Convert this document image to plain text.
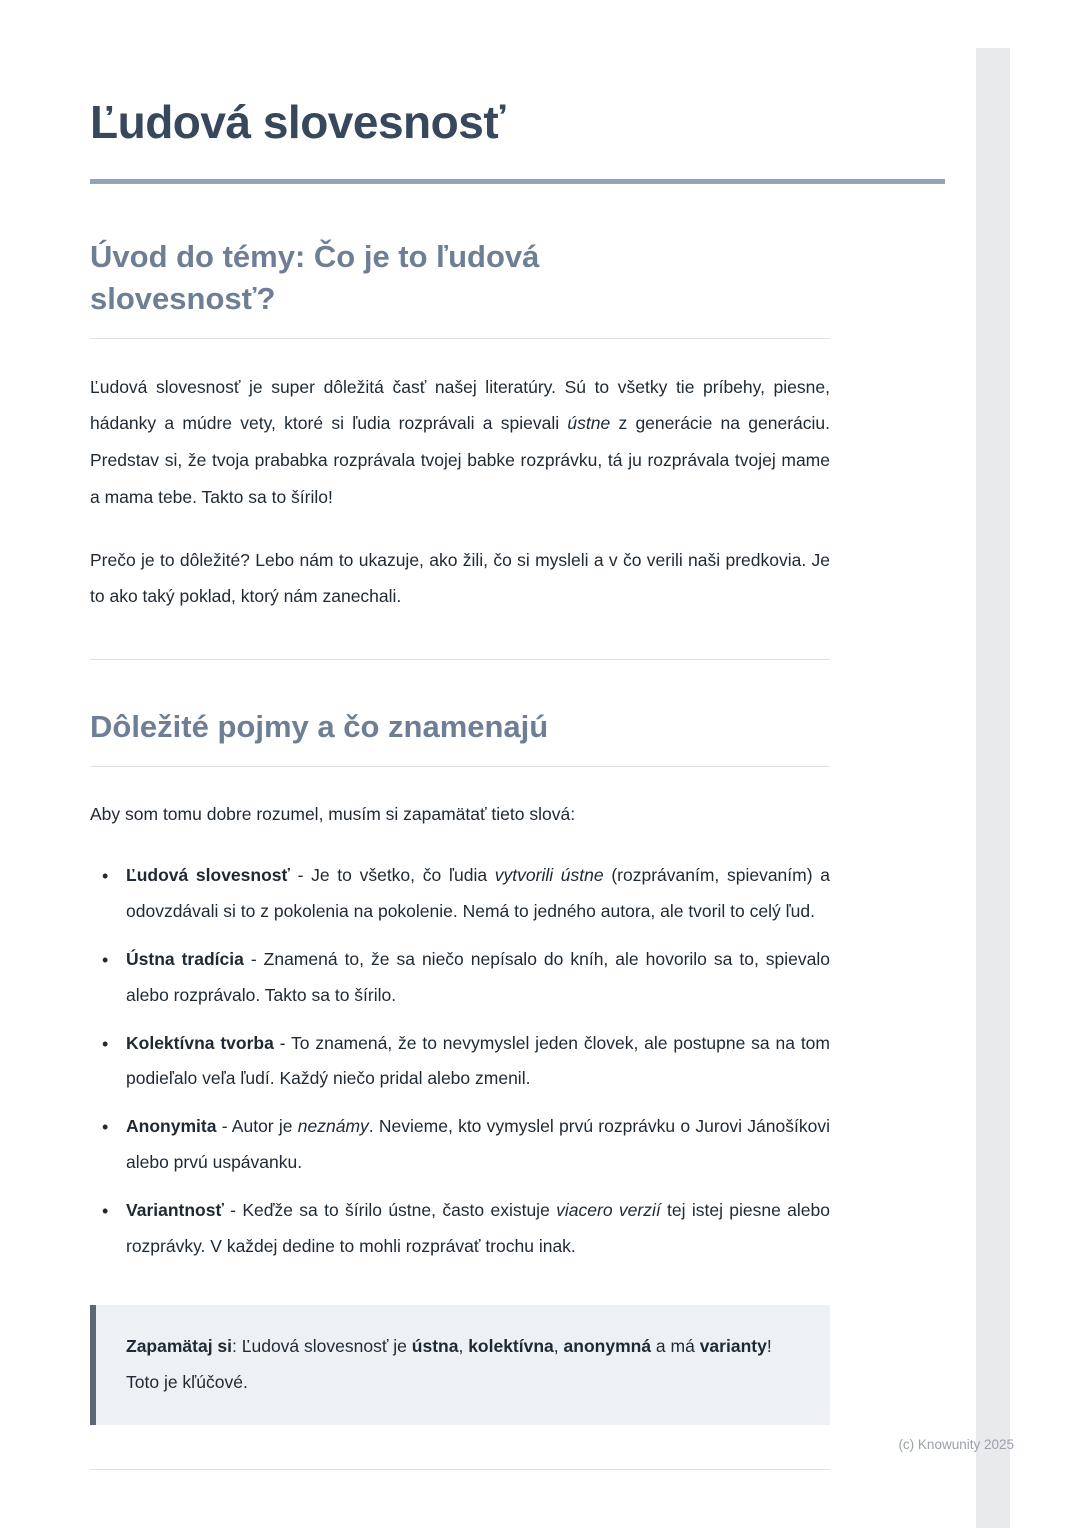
Ľudová slovesnosť
Úvod do témy: Čo je to ľudová slovesnosť?

Ľudová slovesnosť je super dôležitá časť našej literatúry. Sú to všetky tie príbehy, piesne, hádanky a múdre vety, ktoré si ľudia rozprávali a spievali ústne z generácie na generáciu. Predstav si, že tvoja prababka rozprávala tvojej babke rozprávku, tá ju rozprávala tvojej mame a mama tebe. Takto sa to šírilo!

Prečo je to dôležité? Lebo nám to ukazuje, ako žili, čo si mysleli a v čo verili naši predkovia. Je to ako taký poklad, ktorý nám zanechali.

Dôležité pojmy a čo znamenajú

Aby som tomu dobre rozumel, musím si zapamätať tieto slová:

• Ľudová slovesnosť - Je to všetko, čo ľudia vytvorili ústne (rozprávaním, spievaním) a odovzdávali si to z pokolenia na pokolenie. Nemá to jedného autora, ale tvoril to celý ľud.
• Ústna tradícia - Znamená to, že sa niečo nepísalo do kníh, ale hovorilo sa to, spievalo alebo rozprávalo. Takto sa to šírilo.
• Kolektívna tvorba - To znamená, že to nevymyslel jeden človek, ale postupne sa na tom podieľalo veľa ľudí. Každý niečo pridal alebo zmenil.
• Anonymita - Autor je neznámy. Nevieme, kto vymyslel prvú rozprávku o Jurovi Jánošíkovi alebo prvú uspávanku.
• Variantnosť - Keďže sa to šírilo ústne, často existuje viacero verzií tej istej piesne alebo rozprávky. V každej dedine to mohli rozprávať trochu inak.

Zapamätaj si: Ľudová slovesnosť je ústna, kolektívna, anonymná a má varianty! Toto je kľúčové.

(c) Knowunity 2025
